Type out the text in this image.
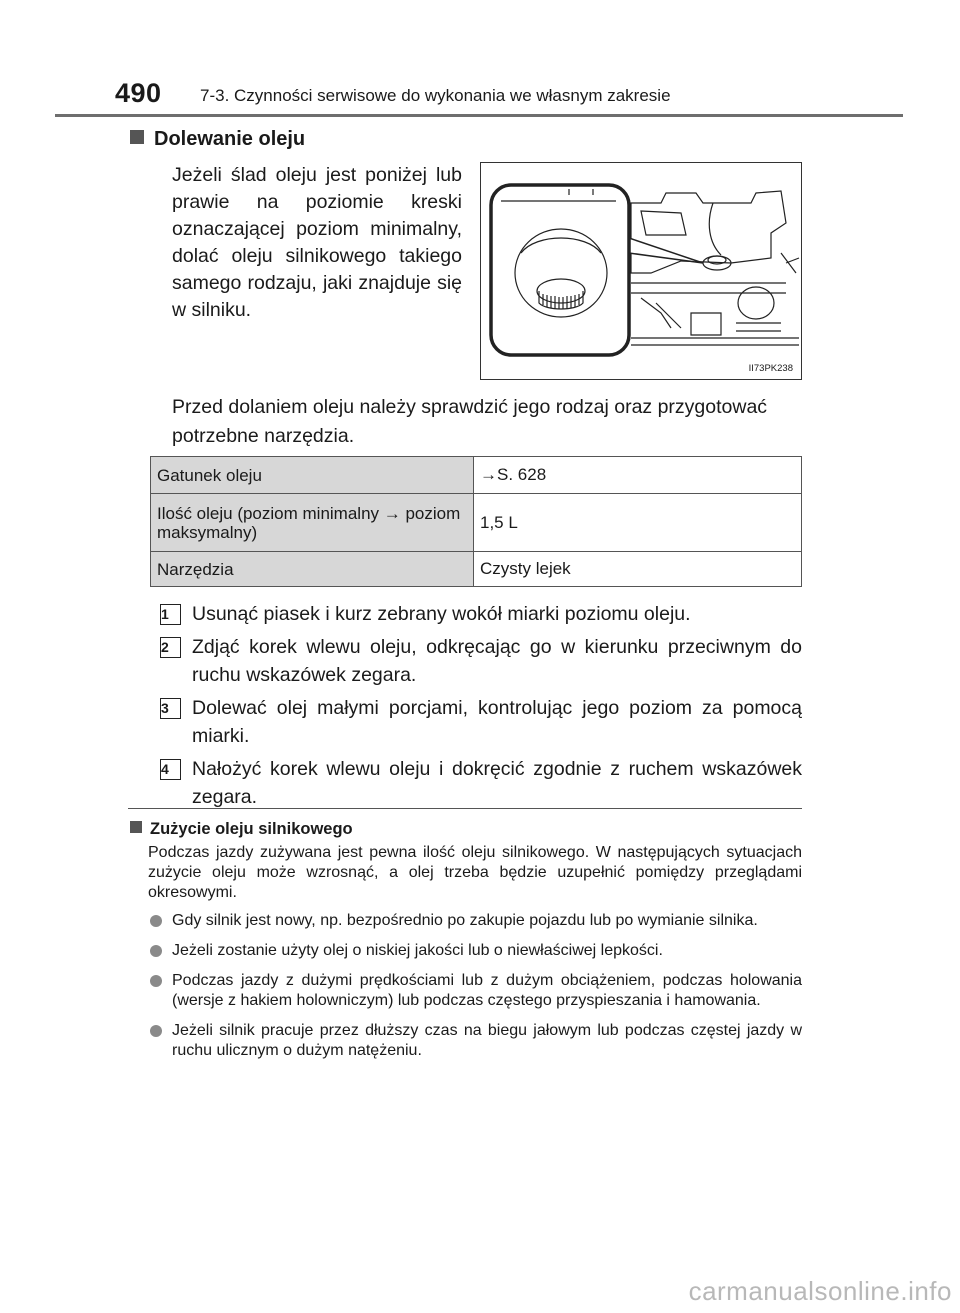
490 7-3. Czynności serwisowe do wykonania we własnym zakresie
Dolewanie oleju
Jeżeli ślad oleju jest poniżej lub prawie na poziomie kreski oznaczającej poziom minimalny, dolać oleju silnikowego takiego samego rodzaju, jaki znajduje się w silniku.
II73PK238
Przed dolaniem oleju należy sprawdzić jego rodzaj oraz przygotować potrzebne narzędzia.
Gatunek oleju	→S. 628
Ilość oleju (poziom minimalny → poziom maksymalny)	1,5 L
Narzędzia	Czysty lejek
1	Usunąć piasek i kurz zebrany wokół miarki poziomu oleju.
2	Zdjąć korek wlewu oleju, odkręcając go w kierunku przeciwnym do ruchu wskazówek zegara.
3	Dolewać olej małymi porcjami, kontrolując jego poziom za pomocą miarki.
4	Nałożyć korek wlewu oleju i dokręcić zgodnie z ruchem wskazówek zegara.
Zużycie oleju silnikowego
Podczas jazdy zużywana jest pewna ilość oleju silnikowego. W następujących sytuacjach zużycie oleju może wzrosnąć, a olej trzeba będzie uzupełnić pomiędzy przeglądami okresowymi.
Gdy silnik jest nowy, np. bezpośrednio po zakupie pojazdu lub po wymianie silnika.
Jeżeli zostanie użyty olej o niskiej jakości lub o niewłaściwej lepkości.
Podczas jazdy z dużymi prędkościami lub z dużym obciążeniem, podczas holowania (wersje z hakiem holowniczym) lub podczas częstego przyspieszania i hamowania.
Jeżeli silnik pracuje przez dłuższy czas na biegu jałowym lub podczas częstej jazdy w ruchu ulicznym o dużym natężeniu.
carmanualsonline.info
